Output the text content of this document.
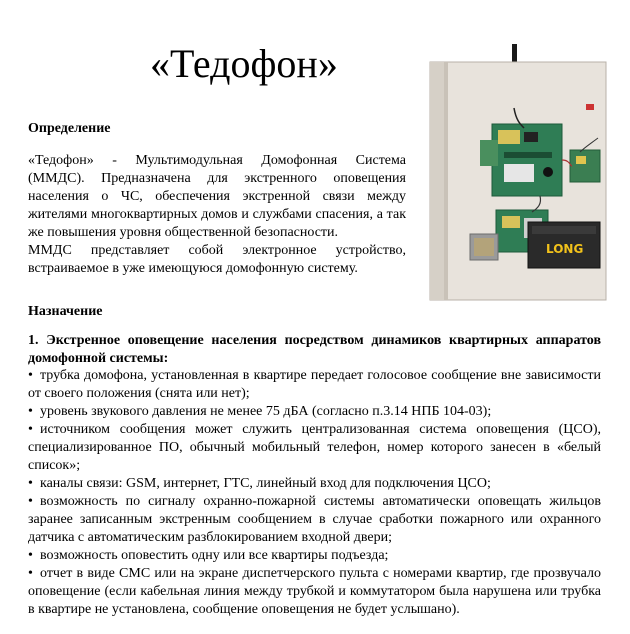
«Тедофон»
Определение

«Тедофон» - Мультимодульная Домофонная Система (ММДС). Предназначена для экстренного оповещения населения о ЧС, обеспечения экстренной связи между жителями многоквартирных домов и службами спасения, а так же повышения уровня общественной безопасности.

ММДС представляет собой электронное устройство, встраиваемое в уже имеющуюся домофонную систему.

LONG
Назначение
1. Экстренное оповещение населения посредством динамиков квартирных аппаратов домофонной системы:

• трубка домофона, установленная в квартире передает голосовое сообщение вне зависимости от своего положения (снята или нет);

• уровень звукового давления не менее 75 дБА (согласно п.3.14 НПБ 104-03);

• источником сообщения может служить централизованная система оповещения (ЦСО), специализированное ПО, обычный мобильный телефон, номер которого занесен в «белый список»;

• каналы связи: GSM, интернет, ГТС, линейный вход для подключения ЦСО;

• возможность по сигналу охранно-пожарной системы автоматически оповещать жильцов заранее записанным экстренным сообщением в случае сработки пожарного или охранного датчика с автоматическим разблокированием входной двери;

• возможность оповестить одну или все квартиры подъезда;

• отчет в виде СМС или на экране диспетчерского пульта с номерами квартир, где прозвучало оповещение (если кабельная линия между трубкой и коммутатором была нарушена или трубка в квартире не установлена, сообщение оповещения не будет услышано).
